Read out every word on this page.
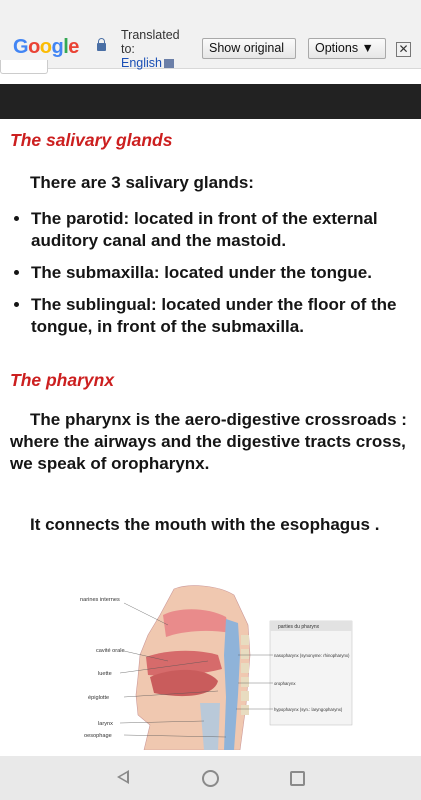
Google
Translated to:
English
Show original	Options ▼	✕
The salivary glands
There are 3 salivary glands:
• The parotid: located in front of the external auditory canal and the mastoid.
• The submaxilla: located under the tongue.
• The sublingual: located under the floor of the tongue, in front of the submaxilla.
The pharynx
The pharynx is the aero-digestive crossroads : where the airways and the digestive tracts cross, we speak of oropharynx.
It connects the mouth with the esophagus .
narines internes
cavité orale
luette
épiglotte
larynx
oesophage
parties du pharynx
nasopharynx (synonyme: rhinopharynx)
oropharynx
hypopharynx (syn.: laryngopharynx)
